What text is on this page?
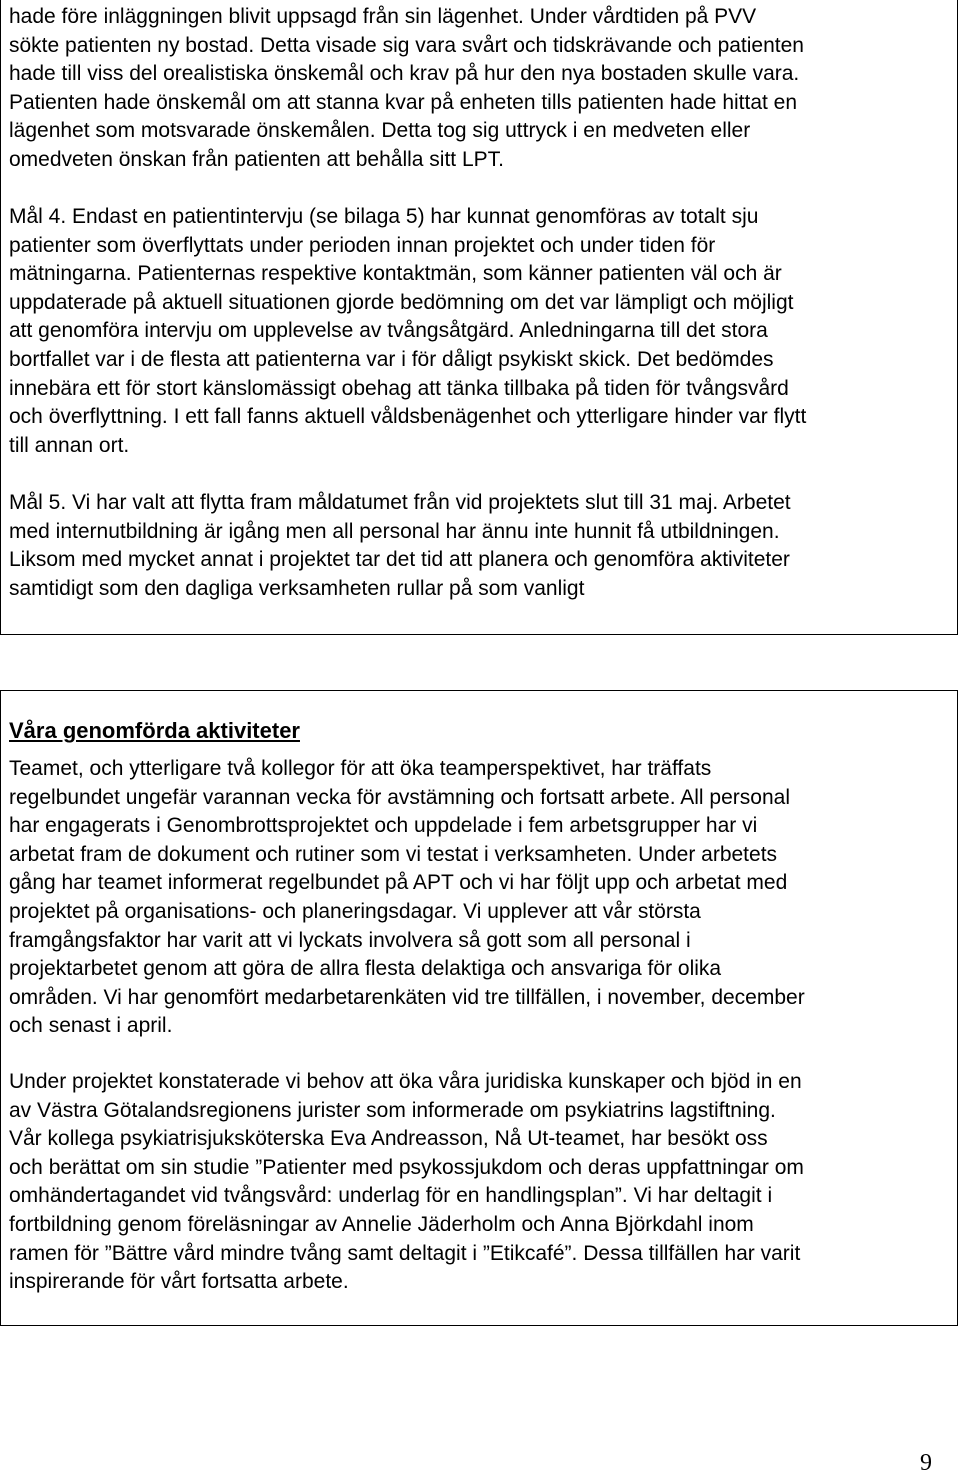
hade före inläggningen blivit uppsagd från sin lägenhet. Under vårdtiden på PVV
sökte patienten ny bostad. Detta visade sig vara svårt och tidskrävande och patienten
hade till viss del orealistiska önskemål och krav på hur den nya bostaden skulle vara.
Patienten hade önskemål om att stanna kvar på enheten tills patienten hade hittat en
lägenhet som motsvarade önskemålen. Detta tog sig uttryck i en medveten eller
omedveten önskan från patienten att behålla sitt LPT.

Mål 4. Endast en patientintervju (se bilaga 5) har kunnat genomföras av totalt sju
patienter som överflyttats under perioden innan projektet och under tiden för
mätningarna. Patienternas respektive kontaktmän, som känner patienten väl och är
uppdaterade på aktuell situationen gjorde bedömning om det var lämpligt och möjligt
att genomföra intervju om upplevelse av tvångsåtgärd. Anledningarna till det stora
bortfallet var i de flesta att patienterna var i för dåligt psykiskt skick. Det bedömdes
innebära ett för stort känslomässigt obehag att tänka tillbaka på tiden för tvångsvård
och överflyttning. I ett fall fanns aktuell våldsbenägenhet och ytterligare hinder var flytt
till annan ort.

Mål 5. Vi har valt att flytta fram måldatumet från vid projektets slut till 31 maj. Arbetet
med internutbildning är igång men all personal har ännu inte hunnit få utbildningen.
Liksom med mycket annat i projektet tar det tid att planera och genomföra aktiviteter
samtidigt som den dagliga verksamheten rullar på som vanligt

Våra genomförda aktiviteter

Teamet, och ytterligare två kollegor för att öka teamperspektivet, har träffats
regelbundet ungefär varannan vecka för avstämning och fortsatt arbete. All personal
har engagerats i Genombrottsprojektet och uppdelade i fem arbetsgrupper har vi
arbetat fram de dokument och rutiner som vi testat i verksamheten. Under arbetets
gång har teamet informerat regelbundet på APT och vi har följt upp och arbetat med
projektet på organisations- och planeringsdagar. Vi upplever att vår största
framgångsfaktor har varit att vi lyckats involvera så gott som all personal i
projektarbetet genom att göra de allra flesta delaktiga och ansvariga för olika
områden. Vi har genomfört medarbetarenkäten vid tre tillfällen, i november, december
och senast i april.

Under projektet konstaterade vi behov att öka våra juridiska kunskaper och bjöd in en
av Västra Götalandsregionens jurister som informerade om psykiatrins lagstiftning.
Vår kollega psykiatrisjuksköterska Eva Andreasson, Nå Ut-teamet, har besökt oss
och berättat om sin studie ”Patienter med psykossjukdom och deras uppfattningar om
omhändertagandet vid tvångsvård: underlag för en handlingsplan”. Vi har deltagit i
fortbildning genom föreläsningar av Annelie Jäderholm och Anna Björkdahl inom
ramen för ”Bättre vård mindre tvång samt deltagit i ”Etikcafé”. Dessa tillfällen har varit
inspirerande för vårt fortsatta arbete.

9
